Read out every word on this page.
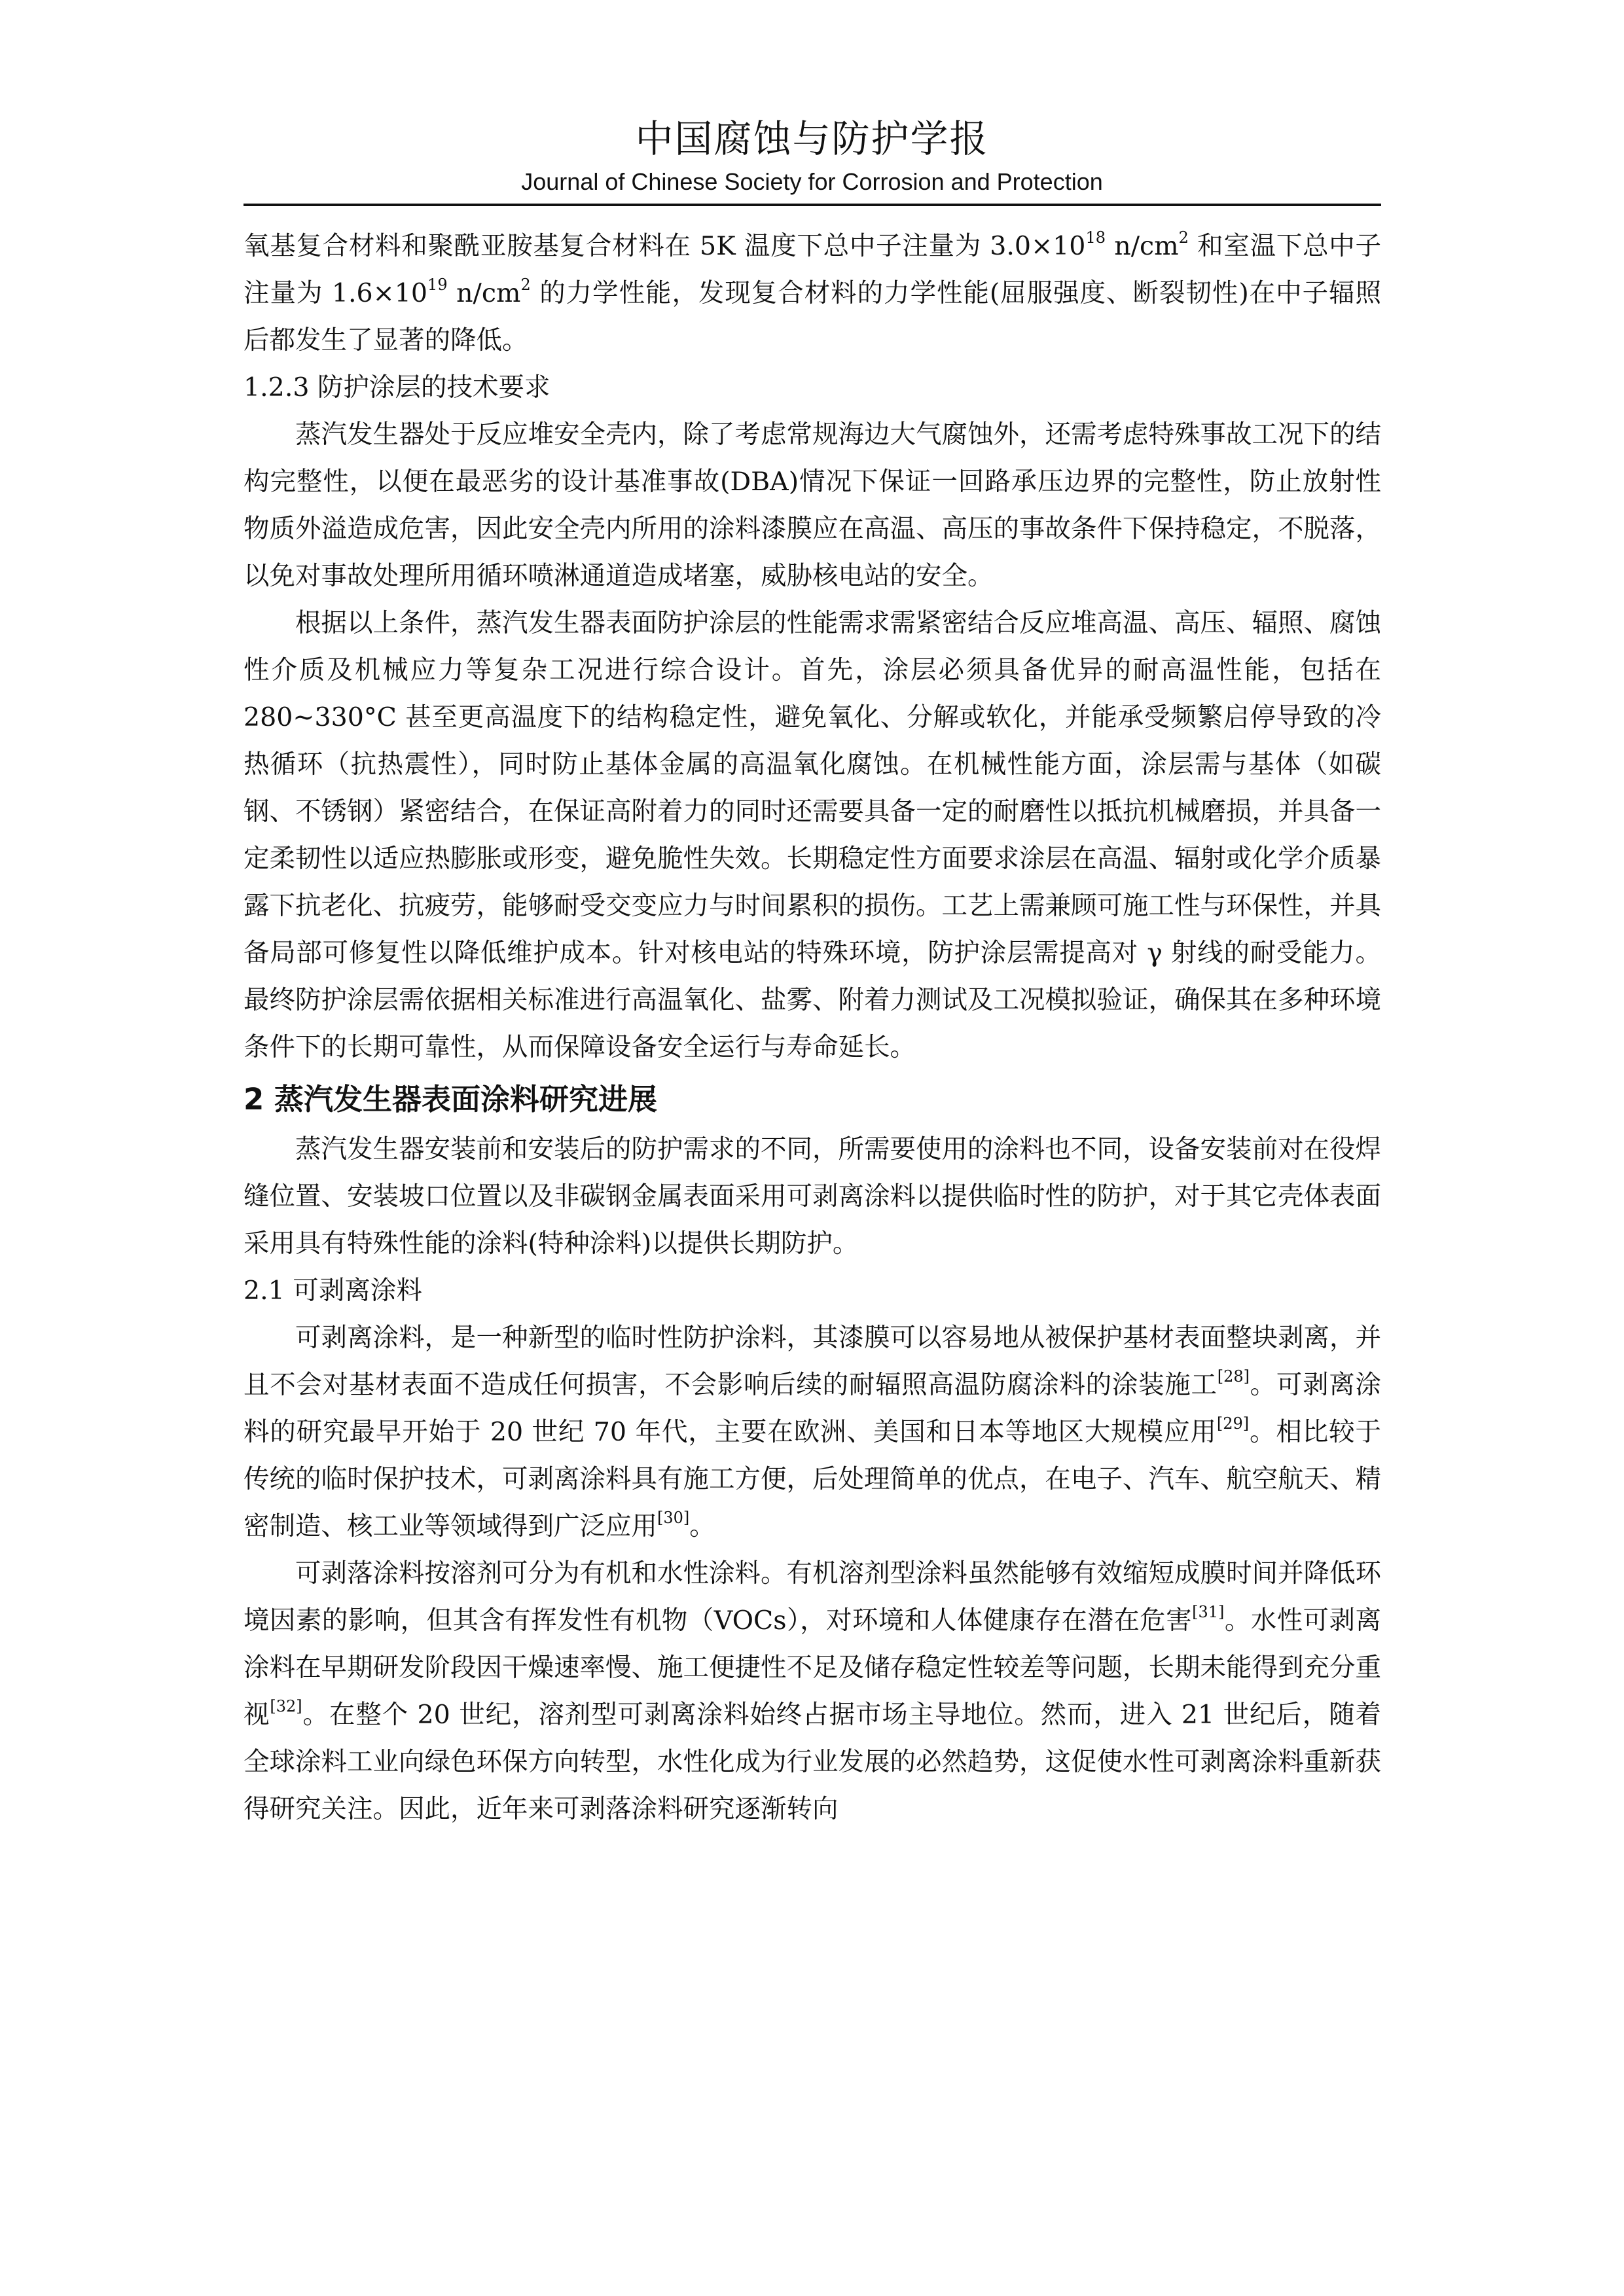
中国腐蚀与防护学报
Journal of Chinese Society for Corrosion and Protection

氧基复合材料和聚酰亚胺基复合材料在 5K 温度下总中子注量为 $3.0\times 10^{18}$ $n/cm^2$ 和室温下总中子注量为 $1.6\times 10^{19}$ $n/cm^2$ 的力学性能，发现复合材料的力学性能(屈服强度、断裂韧性)在中子辐照后都发生了显著的降低。

1.2.3 防护涂层的技术要求

蒸汽发生器处于反应堆安全壳内，除了考虑常规海边大气腐蚀外，还需考虑特殊事故工况下的结构完整性，以便在最恶劣的设计基准事故(DBA)情况下保证一回路承压边界的完整性，防止放射性物质外溢造成危害，因此安全壳内所用的涂料漆膜应在高温、高压的事故条件下保持稳定，不脱落，以免对事故处理所用循环喷淋通道造成堵塞，威胁核电站的安全。

根据以上条件，蒸汽发生器表面防护涂层的性能需求需紧密结合反应堆高温、高压、辐照、腐蚀性介质及机械应力等复杂工况进行综合设计。首先，涂层必须具备优异的耐高温性能，包括在 280~330°C 甚至更高温度下的结构稳定性，避免氧化、分解或软化，并能承受频繁启停导致的冷热循环（抗热震性），同时防止基体金属的高温氧化腐蚀。在机械性能方面，涂层需与基体（如碳钢、不锈钢）紧密结合，在保证高附着力的同时还需要具备一定的耐磨性以抵抗机械磨损，并具备一定柔韧性以适应热膨胀或形变，避免脆性失效。长期稳定性方面要求涂层在高温、辐射或化学介质暴露下抗老化、抗疲劳，能够耐受交变应力与时间累积的损伤。工艺上需兼顾可施工性与环保性，并具备局部可修复性以降低维护成本。针对核电站的特殊环境，防护涂层需提高对 γ 射线的耐受能力。最终防护涂层需依据相关标准进行高温氧化、盐雾、附着力测试及工况模拟验证，确保其在多种环境条件下的长期可靠性，从而保障设备安全运行与寿命延长。

2 蒸汽发生器表面涂料研究进展

蒸汽发生器安装前和安装后的防护需求的不同，所需要使用的涂料也不同，设备安装前对在役焊缝位置、安装坡口位置以及非碳钢金属表面采用可剥离涂料以提供临时性的防护，对于其它壳体表面采用具有特殊性能的涂料(特种涂料)以提供长期防护。

2.1 可剥离涂料

可剥离涂料，是一种新型的临时性防护涂料，其漆膜可以容易地从被保护基材表面整块剥离，并且不会对基材表面不造成任何损害，不会影响后续的耐辐照高温防腐涂料的涂装施工[28]。可剥离涂料的研究最早开始于 20 世纪 70 年代，主要在欧洲、美国和日本等地区大规模应用[29]。相比较于传统的临时保护技术，可剥离涂料具有施工方便，后处理简单的优点，在电子、汽车、航空航天、精密制造、核工业等领域得到广泛应用[30]。

可剥落涂料按溶剂可分为有机和水性涂料。有机溶剂型涂料虽然能够有效缩短成膜时间并降低环境因素的影响，但其含有挥发性有机物（VOCs），对环境和人体健康存在潜在危害[31]。水性可剥离涂料在早期研发阶段因干燥速率慢、施工便捷性不足及储存稳定性较差等问题，长期未能得到充分重视[32]。在整个 20 世纪，溶剂型可剥离涂料始终占据市场主导地位。然而，进入 21 世纪后，随着全球涂料工业向绿色环保方向转型，水性化成为行业发展的必然趋势，这促使水性可剥离涂料重新获得研究关注。因此，近年来可剥落涂料研究逐渐转向
